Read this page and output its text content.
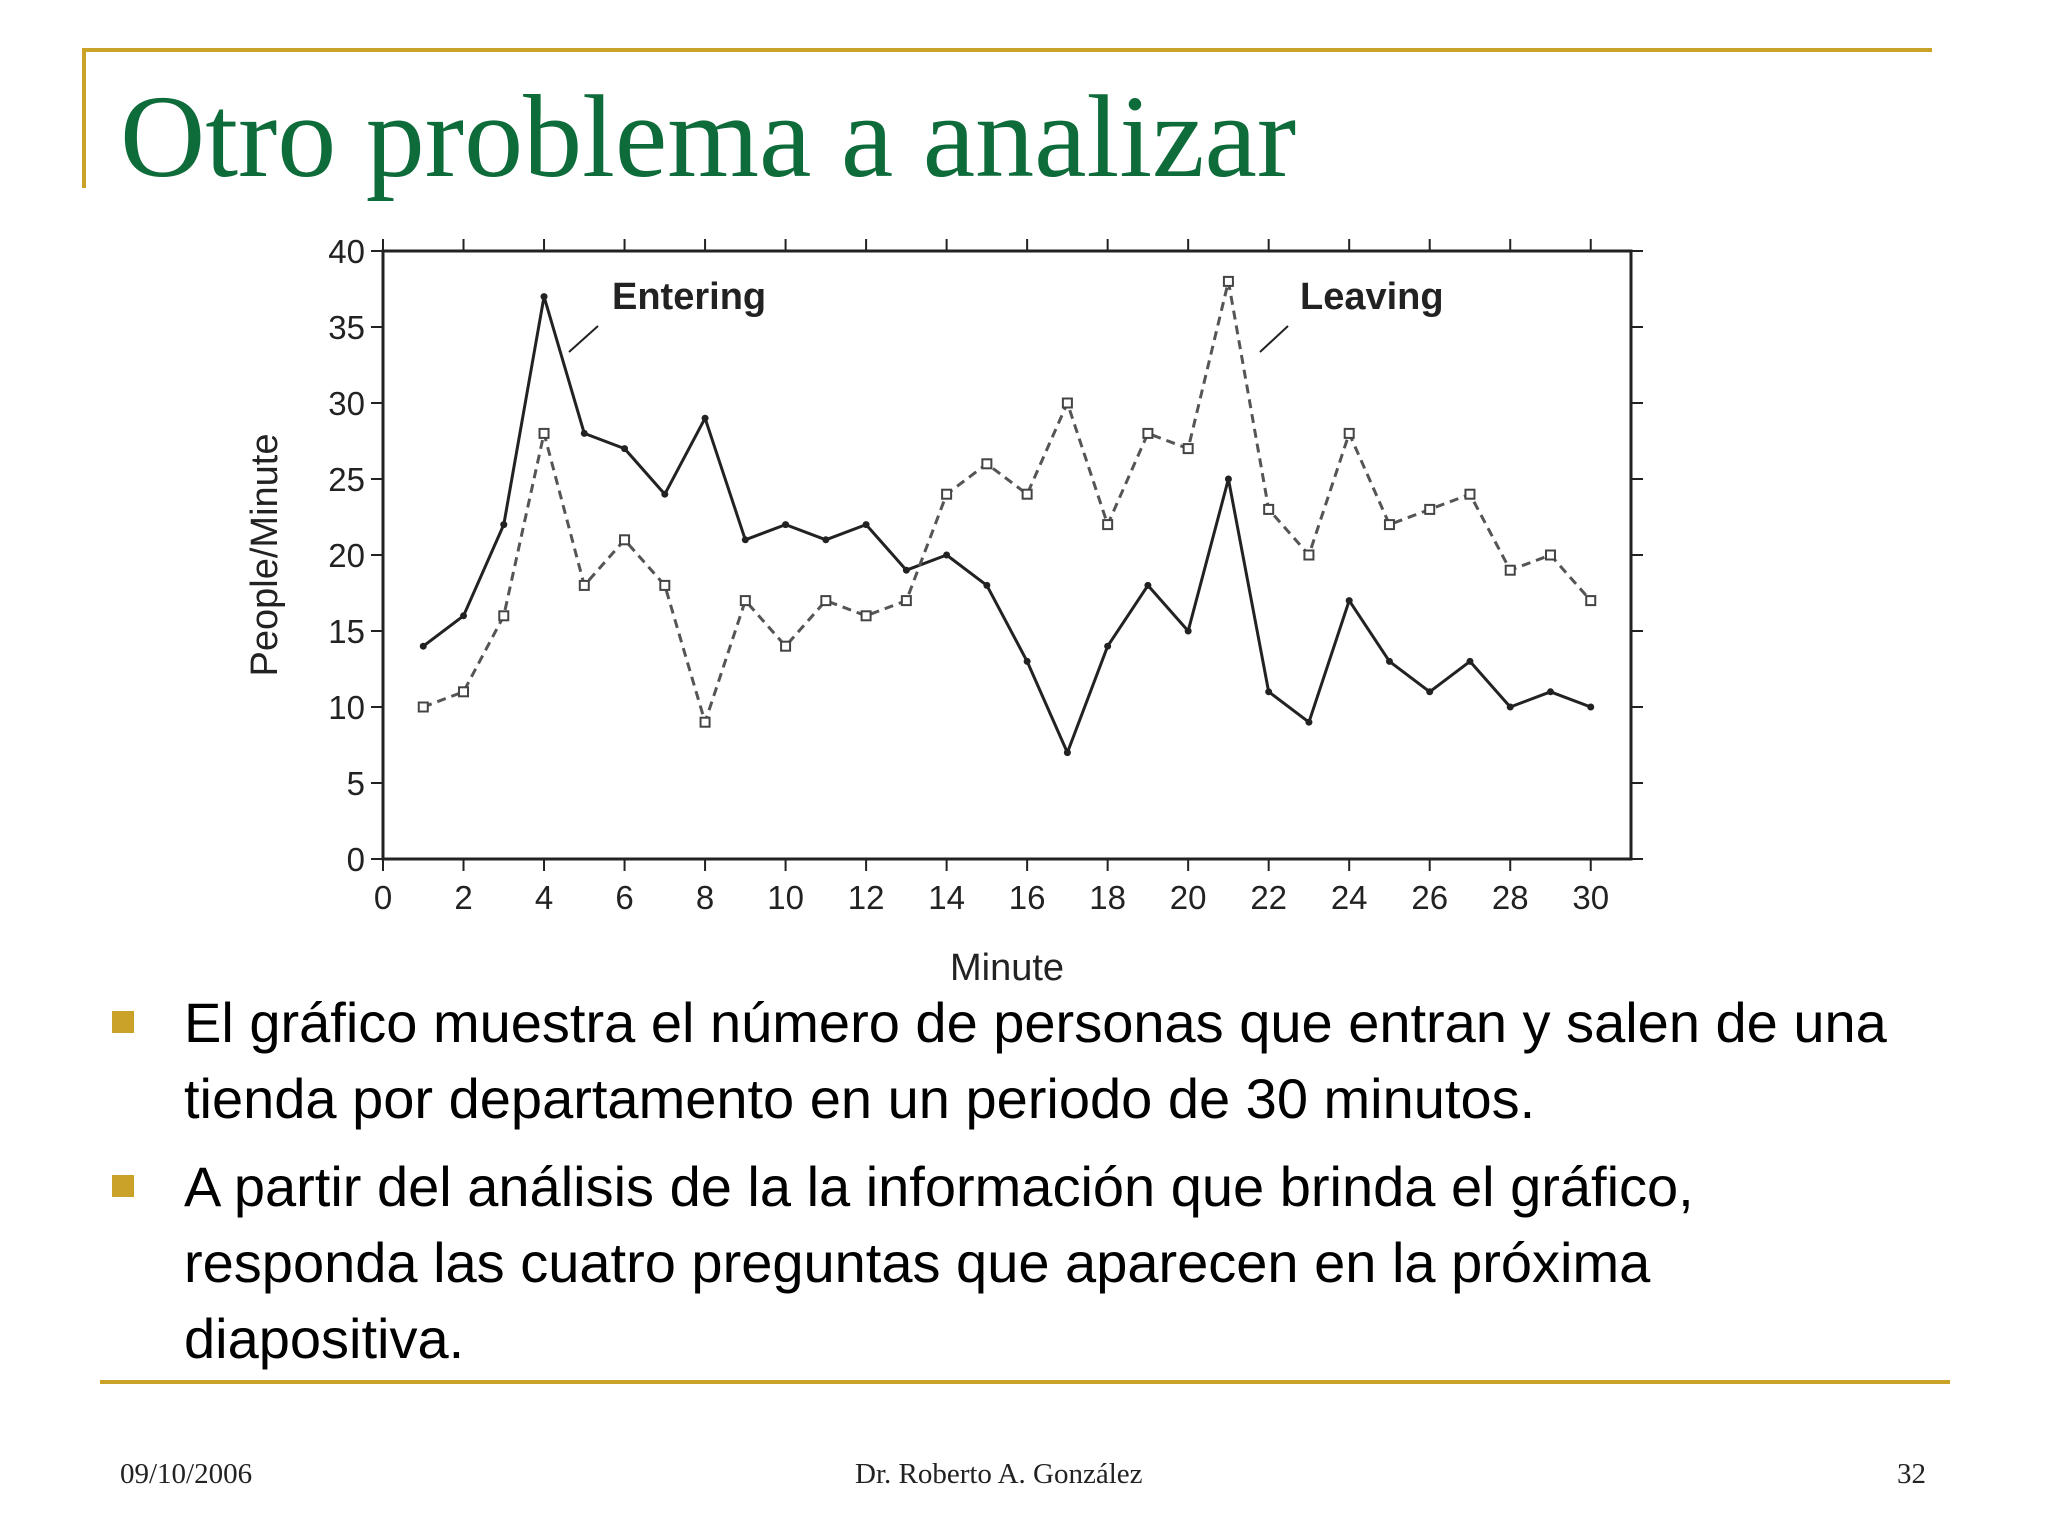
Otro problema a analizar
0
5
10
15
20
25
30
35
40
0 2 4 6 8 10 12 14 16 18 20 22 24 26 28 30
People/Minute
Minute
Entering	Leaving
El gráfico muestra el número de personas que entran y salen de una tienda por departamento en un periodo de 30 minutos.
A partir del análisis de la la información que brinda el gráfico, responda las cuatro preguntas que aparecen en la próxima diapositiva.
09/10/2006	Dr. Roberto A. González	32
